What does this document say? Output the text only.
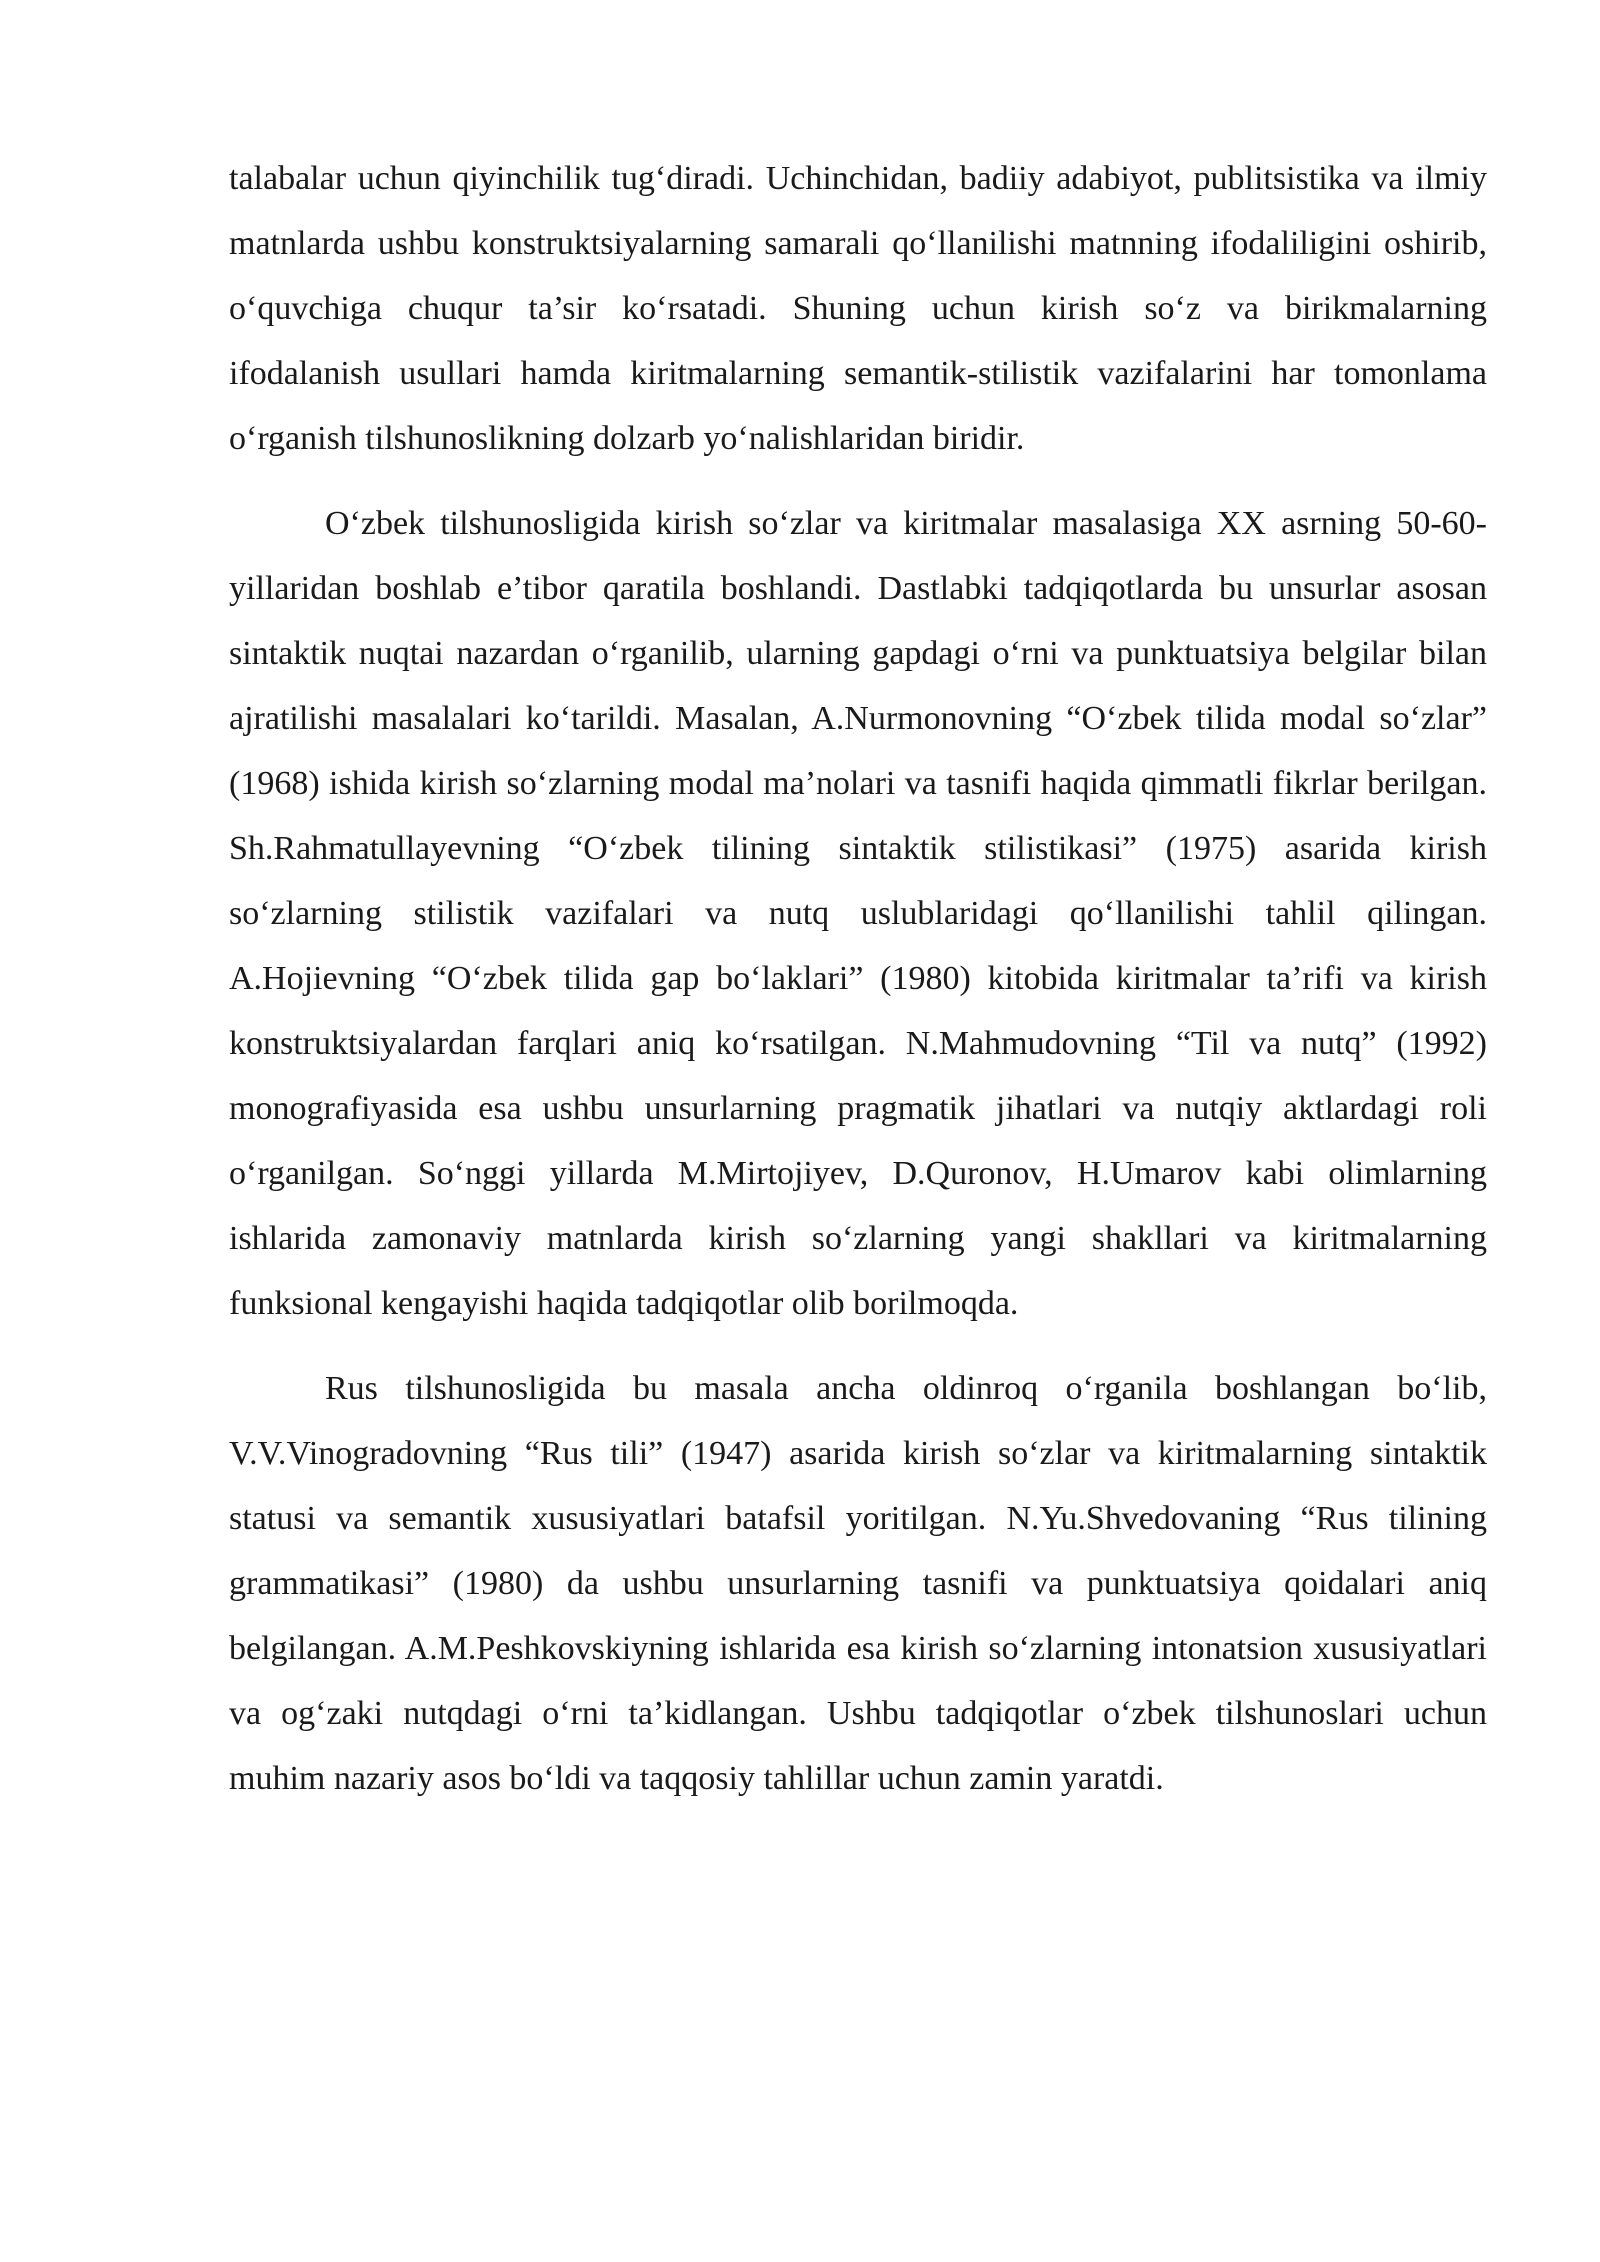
talabalar uchun qiyinchilik tug‘diradi. Uchinchidan, badiiy adabiyot, publitsistika va ilmiy matnlarda ushbu konstruktsiyalarning samarali qo‘llanilishi matnning ifodaliligini oshirib, o‘quvchiga chuqur ta’sir ko‘rsatadi. Shuning uchun kirish so‘z va birikmalarning ifodalanish usullari hamda kiritmalarning semantik-stilistik vazifalarini har tomonlama o‘rganish tilshunoslikning dolzarb yo‘nalishlaridan biridir.

O‘zbek tilshunosligida kirish so‘zlar va kiritmalar masalasiga XX asrning 50-60-yillaridan boshlab e’tibor qaratila boshlandi. Dastlabki tadqiqotlarda bu unsurlar asosan sintaktik nuqtai nazardan o‘rganilib, ularning gapdagi o‘rni va punktuatsiya belgilar bilan ajratilishi masalalari ko‘tarildi. Masalan, A.Nurmonovning “O‘zbek tilida modal so‘zlar” (1968) ishida kirish so‘zlarning modal ma’nolari va tasnifi haqida qimmatli fikrlar berilgan. Sh.Rahmatullayevning “O‘zbek tilining sintaktik stilistikasi” (1975) asarida kirish so‘zlarning stilistik vazifalari va nutq uslublaridagi qo‘llanilishi tahlil qilingan. A.Hojievning “O‘zbek tilida gap bo‘laklari” (1980) kitobida kiritmalar ta’rifi va kirish konstruktsiyalardan farqlari aniq ko‘rsatilgan. N.Mahmudovning “Til va nutq” (1992) monografiyasida esa ushbu unsurlarning pragmatik jihatlari va nutqiy aktlardagi roli o‘rganilgan. So‘nggi yillarda M.Mirtojiyev, D.Quronov, H.Umarov kabi olimlarning ishlarida zamonaviy matnlarda kirish so‘zlarning yangi shakllari va kiritmalarning funksional kengayishi haqida tadqiqotlar olib borilmoqda.

Rus tilshunosligida bu masala ancha oldinroq o‘rganila boshlangan bo‘lib, V.V.Vinogradovning “Rus tili” (1947) asarida kirish so‘zlar va kiritmalarning sintaktik statusi va semantik xususiyatlari batafsil yoritilgan. N.Yu.Shvedovaning “Rus tilining grammatikasi” (1980) da ushbu unsurlarning tasnifi va punktuatsiya qoidalari aniq belgilangan. A.M.Peshkovskiyning ishlarida esa kirish so‘zlarning intonatsion xususiyatlari va og‘zaki nutqdagi o‘rni ta’kidlangan. Ushbu tadqiqotlar o‘zbek tilshunoslari uchun muhim nazariy asos bo‘ldi va taqqosiy tahlillar uchun zamin yaratdi.
